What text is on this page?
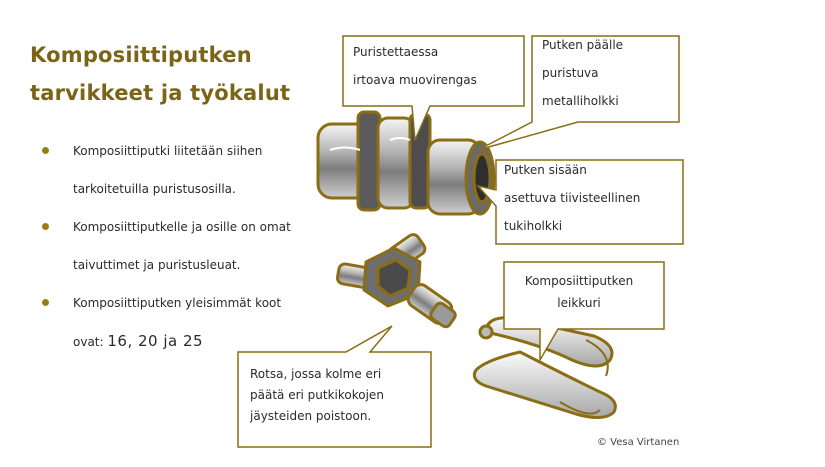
Komposiittiputken
tarvikkeet ja työkalut
Komposiittiputki liitetään siihen
tarkoitetuilla puristusosilla.
Komposiittiputkelle ja osille on omat
taivuttimet ja puristusleuat.
Komposiittiputken yleisimmät koot
ovat: 16, 20 ja 25
Puristettaessa
irtoava muovirengas
Putken päälle
puristuva
metalliholkki
Putken sisään
asettuva tiivisteellinen
tukiholkki
Komposiittiputken
leikkuri
Rotsa, jossa kolme eri
päätä eri putkikokojen
jäysteiden poistoon.

© Vesa Virtanen
